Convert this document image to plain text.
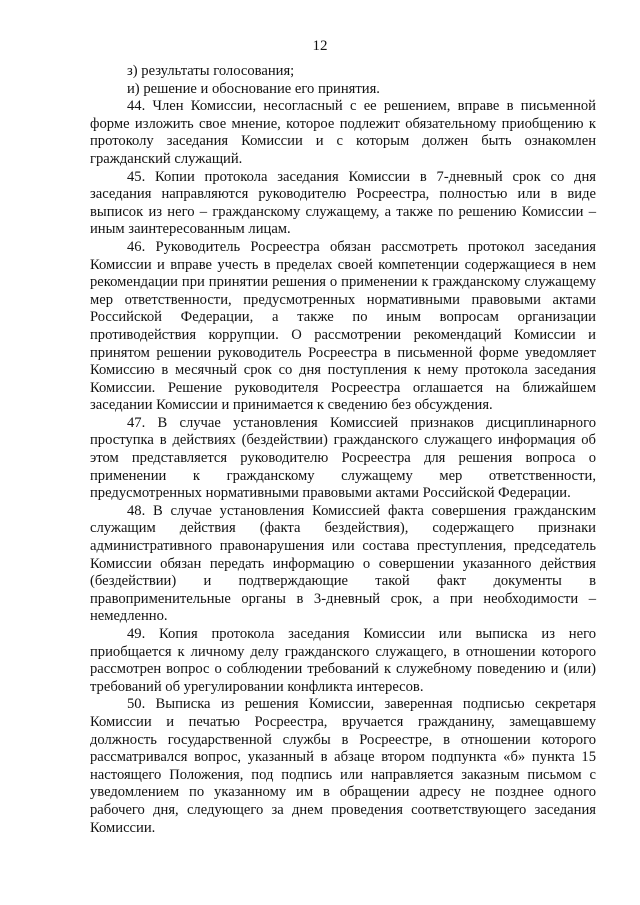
12

з) результаты голосования;

и) решение и обоснование его принятия.

44. Член Комиссии, несогласный с ее решением, вправе в письменной форме изложить свое мнение, которое подлежит обязательному приобщению к протоколу заседания Комиссии и с которым должен быть ознакомлен гражданский служащий.

45. Копии протокола заседания Комиссии в 7-дневный срок со дня заседания направляются руководителю Росреестра, полностью или в виде выписок из него – гражданскому служащему, а также по решению Комиссии – иным заинтересованным лицам.

46. Руководитель Росреестра обязан рассмотреть протокол заседания Комиссии и вправе учесть в пределах своей компетенции содержащиеся в нем рекомендации при принятии решения о применении к гражданскому служащему мер ответственности, предусмотренных нормативными правовыми актами Российской Федерации, а также по иным вопросам организации противодействия коррупции. О рассмотрении рекомендаций Комиссии и принятом решении руководитель Росреестра в письменной форме уведомляет Комиссию в месячный срок со дня поступления к нему протокола заседания Комиссии. Решение руководителя Росреестра оглашается на ближайшем заседании Комиссии и принимается к сведению без обсуждения.

47. В случае установления Комиссией признаков дисциплинарного проступка в действиях (бездействии) гражданского служащего информация об этом представляется руководителю Росреестра для решения вопроса о применении к гражданскому служащему мер ответственности, предусмотренных нормативными правовыми актами Российской Федерации.

48. В случае установления Комиссией факта совершения гражданским служащим действия (факта бездействия), содержащего признаки административного правонарушения или состава преступления, председатель Комиссии обязан передать информацию о совершении указанного действия (бездействии) и подтверждающие такой факт документы в правоприменительные органы в 3-дневный срок, а при необходимости – немедленно.

49. Копия протокола заседания Комиссии или выписка из него приобщается к личному делу гражданского служащего, в отношении которого рассмотрен вопрос о соблюдении требований к служебному поведению и (или) требований об урегулировании конфликта интересов.

50. Выписка из решения Комиссии, заверенная подписью секретаря Комиссии и печатью Росреестра, вручается гражданину, замещавшему должность государственной службы в Росреестре, в отношении которого рассматривался вопрос, указанный в абзаце втором подпункта «б» пункта 15 настоящего Положения, под подпись или направляется заказным письмом с уведомлением по указанному им в обращении адресу не позднее одного рабочего дня, следующего за днем проведения соответствующего заседания Комиссии.
